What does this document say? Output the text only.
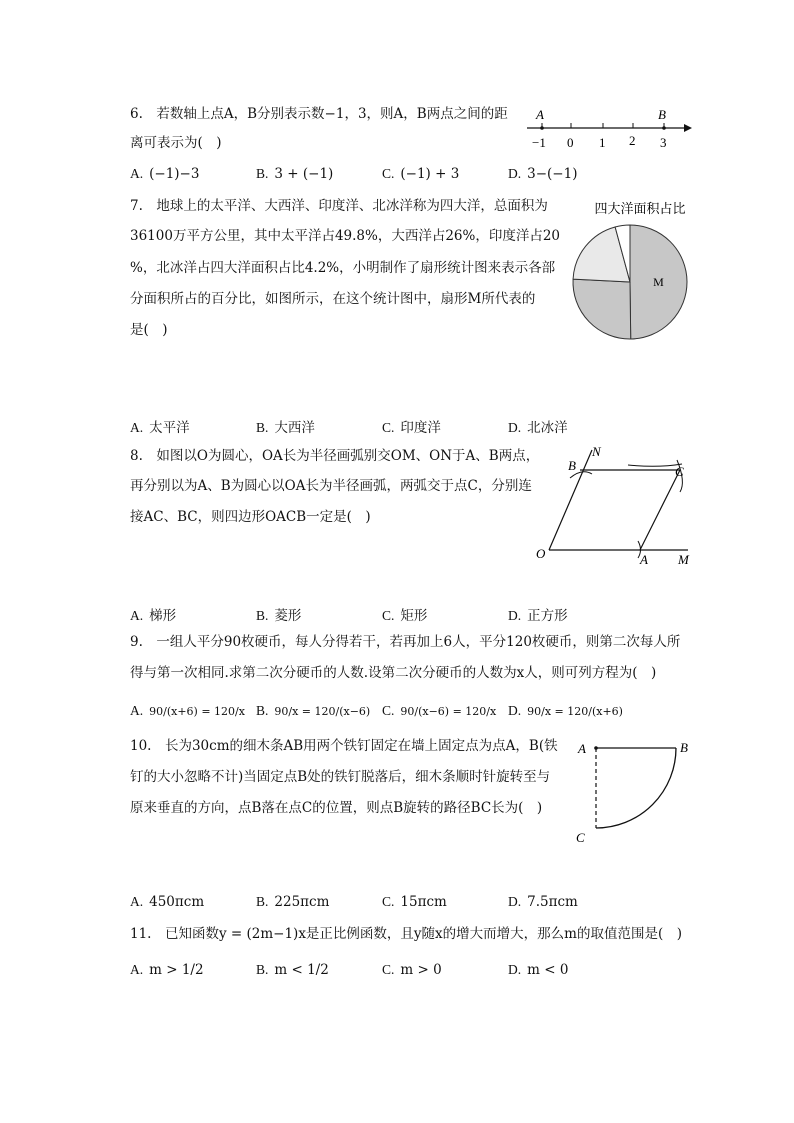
6.　若数轴上点A，B分别表示数−1，3，则A，B两点之间的距
离可表示为(　)
A	B
−1 0 1 2 3
A. (−1)−3	B. 3 + (−1)	C. (−1) + 3	D. 3−(−1)
7.　地球上的太平洋、大西洋、印度洋、北冰洋称为四大洋，总面积为
36100万平方公里，其中太平洋占49.8%，大西洋占26%，印度洋占20
%，北冰洋占四大洋面积占比4.2%，小明制作了扇形统计图来表示各部
分面积所占的百分比，如图所示，在这个统计图中，扇形M所代表的
是(　)
四大洋面积占比
M
A. 太平洋	B. 大西洋	C. 印度洋	D. 北冰洋
8.　如图以O为圆心，OA长为半径画弧别交OM、ON于A、B两点，
再分别以为A、B为圆心以OA长为半径画弧，两弧交于点C，分别连
接AC、BC，则四边形OACB一定是(　)
O	A
B	C
M
N
A. 梯形	B. 菱形	C. 矩形	D. 正方形
9.　一组人平分90枚硬币，每人分得若干，若再加上6人，平分120枚硬币，则第二次每人所
得与第一次相同.求第二次分硬币的人数.设第二次分硬币的人数为x人，则可列方程为(　)
A. 90/(x+6) = 120/x B. 90/x = 120/(x−6) C. 90/(x−6) = 120/x D. 90/x = 120/(x+6)
10.　长为30cm的细木条AB用两个铁钉固定在墙上固定点为点A，B(铁
钉的大小忽略不计)当固定点B处的铁钉脱落后，细木条顺时针旋转至与
原来垂直的方向，点B落在点C的位置，则点B旋转的路径BC长为(　)
A	B
C
A. 450πcm	B. 225πcm	C. 15πcm	D. 7.5πcm
11.　已知函数y = (2m−1)x是正比例函数，且y随x的增大而增大，那么m的取值范围是(　)
A. m > 1/2	B. m < 1/2	C. m > 0	D. m < 0
